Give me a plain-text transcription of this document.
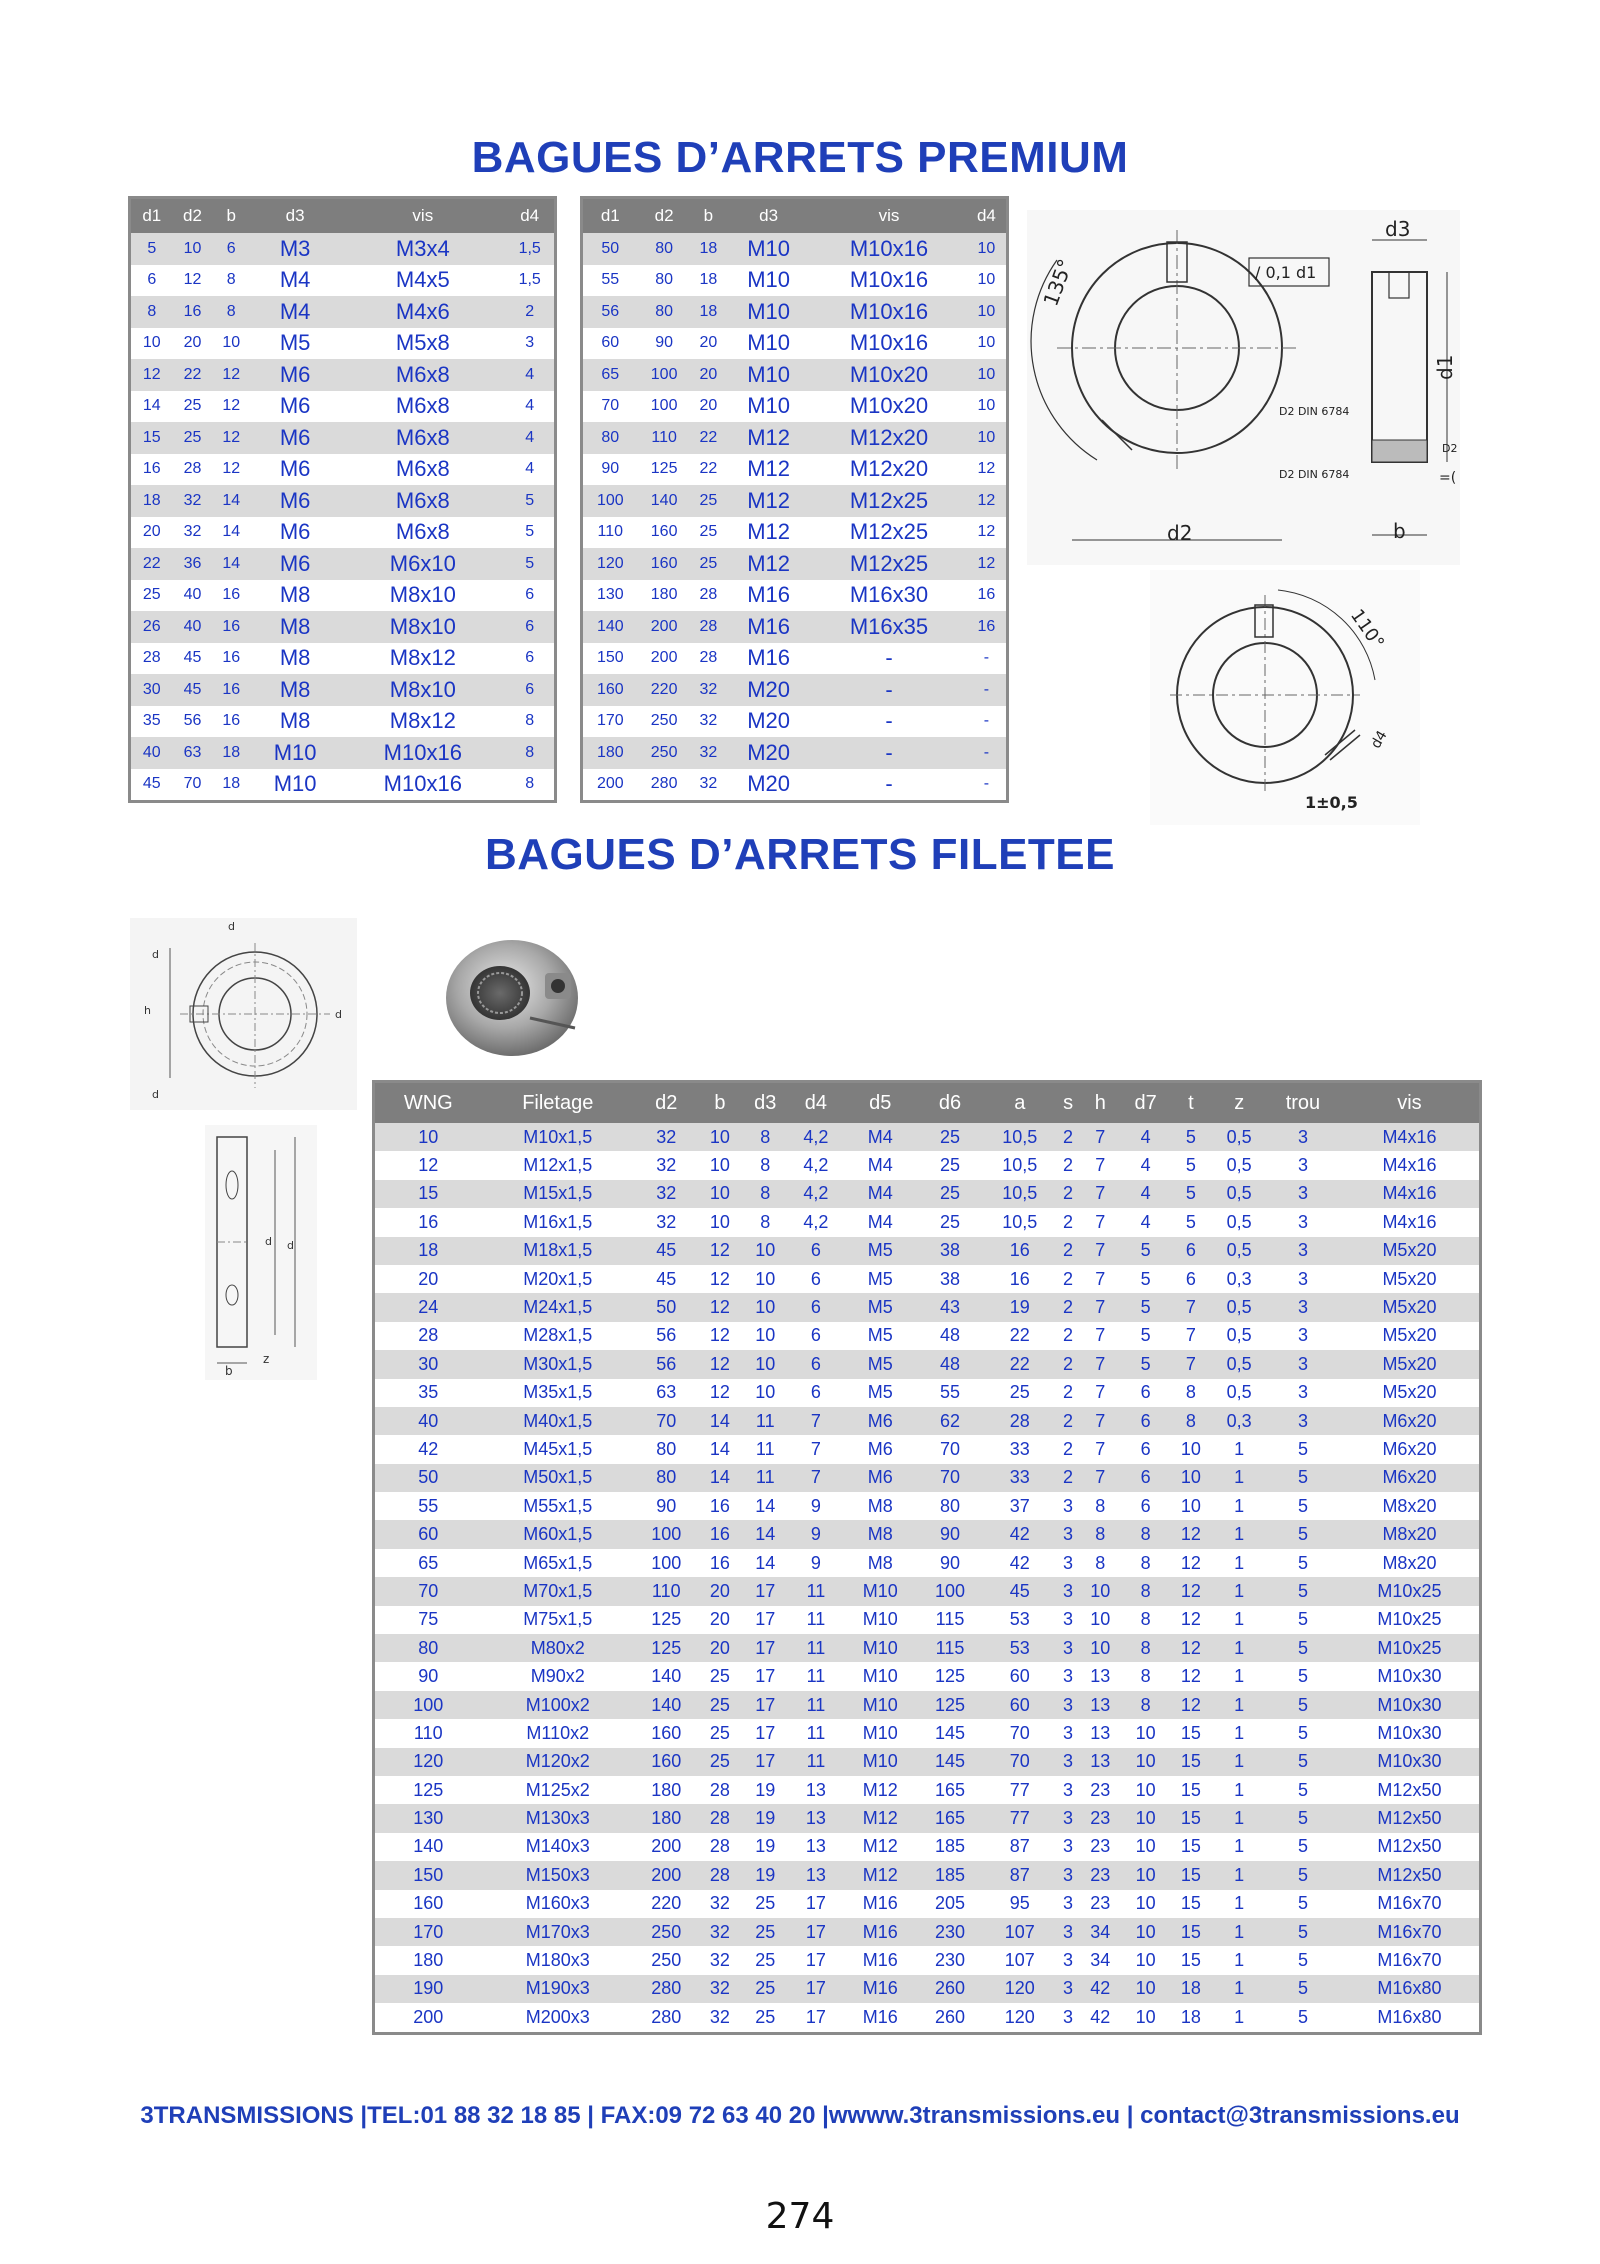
BAGUES D’ARRETS PREMIUM
d1	d2	b	d3	vis	d4
5	10	6	M3	M3x4	1,5
6	12	8	M4	M4x5	1,5
8	16	8	M4	M4x6	2
10	20	10	M5	M5x8	3
12	22	12	M6	M6x8	4
14	25	12	M6	M6x8	4
15	25	12	M6	M6x8	4
16	28	12	M6	M6x8	4
18	32	14	M6	M6x8	5
20	32	14	M6	M6x8	5
22	36	14	M6	M6x10	5
25	40	16	M8	M8x10	6
26	40	16	M8	M8x10	6
28	45	16	M8	M8x12	6
30	45	16	M8	M8x10	6
35	56	16	M8	M8x12	8
40	63	18	M10	M10x16	8
45	70	18	M10	M10x16	8
d1	d2	b	d3	vis	d4
50	80	18	M10	M10x16	10
55	80	18	M10	M10x16	10
56	80	18	M10	M10x16	10
60	90	20	M10	M10x16	10
65	100	20	M10	M10x20	10
70	100	20	M10	M10x20	10
80	110	22	M12	M12x20	10
90	125	22	M12	M12x20	12
100	140	25	M12	M12x25	12
110	160	25	M12	M12x25	12
120	160	25	M12	M12x25	12
130	180	28	M16	M16x30	16
140	200	28	M16	M16x35	16
150	200	28	M16	-	-
160	220	32	M20	-	-
170	250	32	M20	-	-
180	250	32	M20	-	-
200	280	32	M20	-	-
135°
d2
/ 0,1 d1
d3
d1
b
D2 DIN 6784
D2 DIN 6784
D2
=(
110°
d4
1±0,5
BAGUES D’ARRETS FILETEE
d
d
d
d
h
d d
b
z
WNG	Filetage	d2	b	d3	d4	d5	d6	a	s	h	d7	t	z	trou	vis
10	M10x1,5	32	10	8	4,2	M4	25	10,5	2	7	4	5	0,5	3	M4x16
12	M12x1,5	32	10	8	4,2	M4	25	10,5	2	7	4	5	0,5	3	M4x16
15	M15x1,5	32	10	8	4,2	M4	25	10,5	2	7	4	5	0,5	3	M4x16
16	M16x1,5	32	10	8	4,2	M4	25	10,5	2	7	4	5	0,5	3	M4x16
18	M18x1,5	45	12	10	6	M5	38	16	2	7	5	6	0,5	3	M5x20
20	M20x1,5	45	12	10	6	M5	38	16	2	7	5	6	0,3	3	M5x20
24	M24x1,5	50	12	10	6	M5	43	19	2	7	5	7	0,5	3	M5x20
28	M28x1,5	56	12	10	6	M5	48	22	2	7	5	7	0,5	3	M5x20
30	M30x1,5	56	12	10	6	M5	48	22	2	7	5	7	0,5	3	M5x20
35	M35x1,5	63	12	10	6	M5	55	25	2	7	6	8	0,5	3	M5x20
40	M40x1,5	70	14	11	7	M6	62	28	2	7	6	8	0,3	3	M6x20
42	M45x1,5	80	14	11	7	M6	70	33	2	7	6	10	1	5	M6x20
50	M50x1,5	80	14	11	7	M6	70	33	2	7	6	10	1	5	M6x20
55	M55x1,5	90	16	14	9	M8	80	37	3	8	6	10	1	5	M8x20
60	M60x1,5	100	16	14	9	M8	90	42	3	8	8	12	1	5	M8x20
65	M65x1,5	100	16	14	9	M8	90	42	3	8	8	12	1	5	M8x20
70	M70x1,5	110	20	17	11	M10	100	45	3	10	8	12	1	5	M10x25
75	M75x1,5	125	20	17	11	M10	115	53	3	10	8	12	1	5	M10x25
80	M80x2	125	20	17	11	M10	115	53	3	10	8	12	1	5	M10x25
90	M90x2	140	25	17	11	M10	125	60	3	13	8	12	1	5	M10x30
100	M100x2	140	25	17	11	M10	125	60	3	13	8	12	1	5	M10x30
110	M110x2	160	25	17	11	M10	145	70	3	13	10	15	1	5	M10x30
120	M120x2	160	25	17	11	M10	145	70	3	13	10	15	1	5	M10x30
125	M125x2	180	28	19	13	M12	165	77	3	23	10	15	1	5	M12x50
130	M130x3	180	28	19	13	M12	165	77	3	23	10	15	1	5	M12x50
140	M140x3	200	28	19	13	M12	185	87	3	23	10	15	1	5	M12x50
150	M150x3	200	28	19	13	M12	185	87	3	23	10	15	1	5	M12x50
160	M160x3	220	32	25	17	M16	205	95	3	23	10	15	1	5	M16x70
170	M170x3	250	32	25	17	M16	230	107	3	34	10	15	1	5	M16x70
180	M180x3	250	32	25	17	M16	230	107	3	34	10	15	1	5	M16x70
190	M190x3	280	32	25	17	M16	260	120	3	42	10	18	1	5	M16x80
200	M200x3	280	32	25	17	M16	260	120	3	42	10	18	1	5	M16x80
3TRANSMISSIONS |TEL:01 88 32 18 85 | FAX:09 72 63 40 20 |wwww.3transmissions.eu | contact@3transmissions.eu
274
